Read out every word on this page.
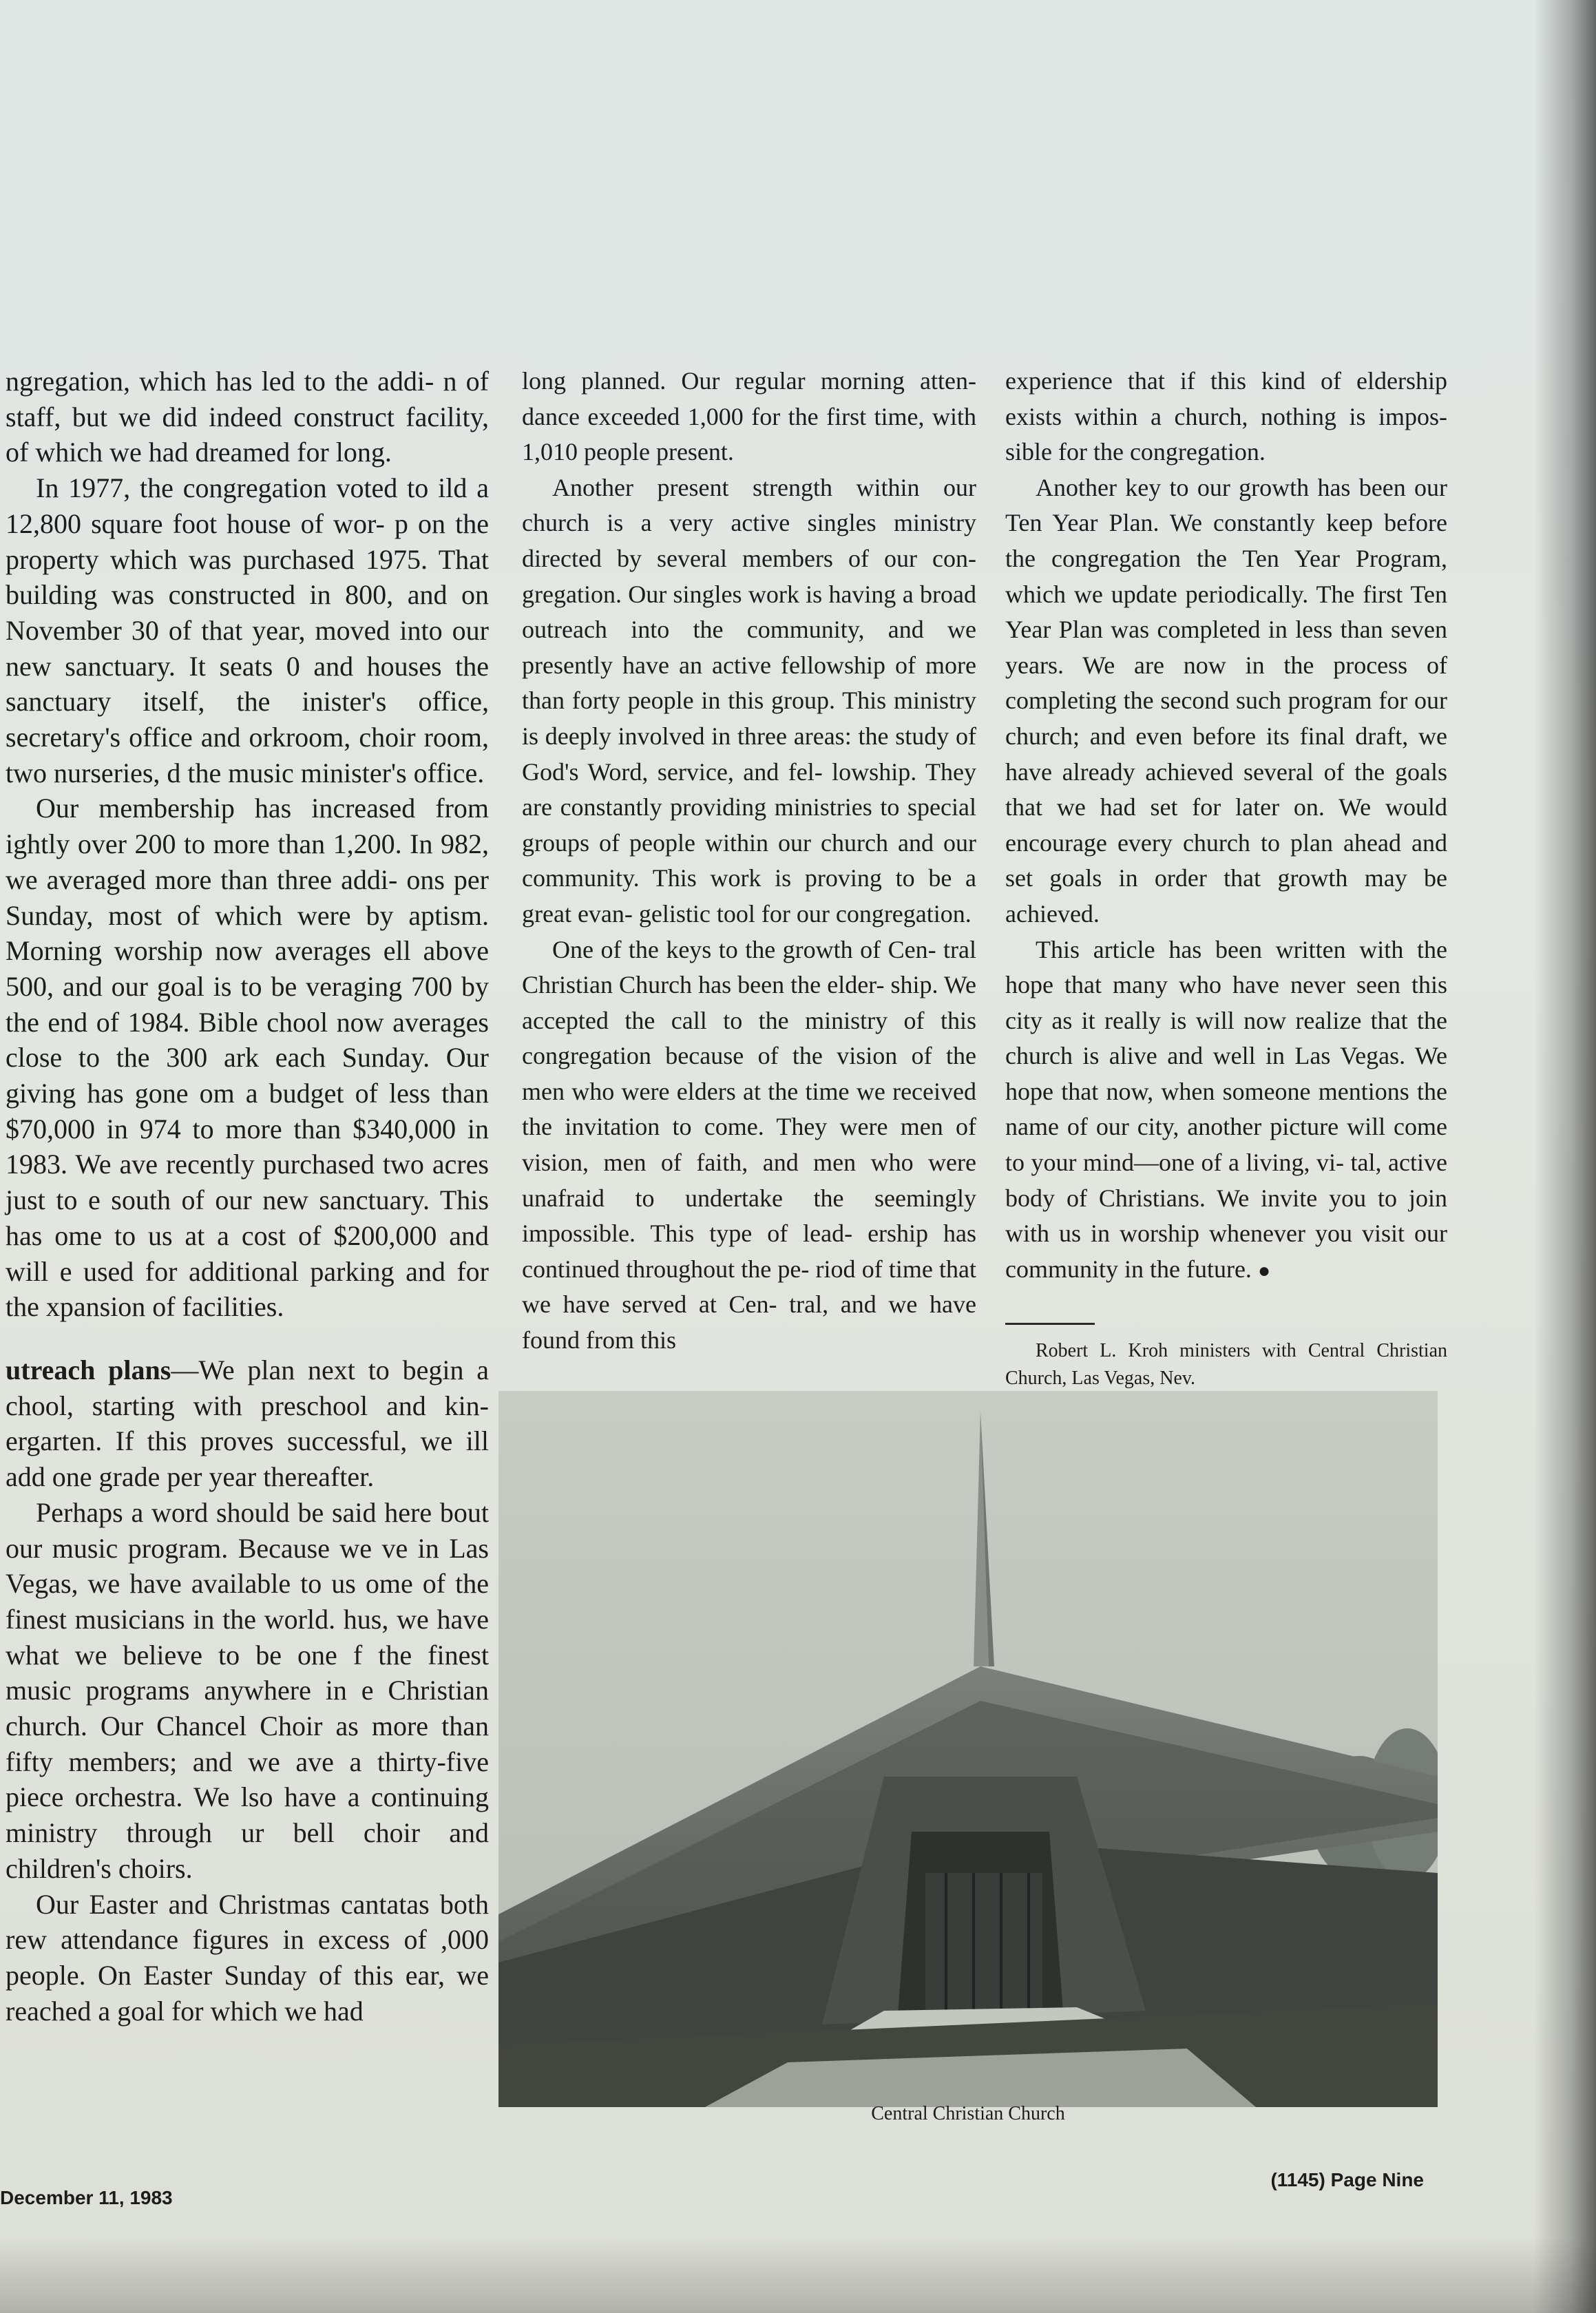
ngregation, which has led to the addi- n of staff, but we did indeed construct facility, of which we had dreamed for long.

In 1977, the congregation voted to ild a 12,800 square foot house of wor- p on the property which was purchased 1975. That building was constructed in 800, and on November 30 of that year, moved into our new sanctuary. It seats 0 and houses the sanctuary itself, the inister's office, secretary's office and orkroom, choir room, two nurseries, d the music minister's office.

Our membership has increased from ightly over 200 to more than 1,200. In 982, we averaged more than three addi- ons per Sunday, most of which were by aptism. Morning worship now averages ell above 500, and our goal is to be veraging 700 by the end of 1984. Bible chool now averages close to the 300 ark each Sunday. Our giving has gone om a budget of less than $70,000 in 974 to more than $340,000 in 1983. We ave recently purchased two acres just to e south of our new sanctuary. This has ome to us at a cost of $200,000 and will e used for additional parking and for the xpansion of facilities.

utreach plans—We plan next to begin a chool, starting with preschool and kin- ergarten. If this proves successful, we ill add one grade per year thereafter.

Perhaps a word should be said here bout our music program. Because we ve in Las Vegas, we have available to us ome of the finest musicians in the world. hus, we have what we believe to be one f the finest music programs anywhere in e Christian church. Our Chancel Choir as more than fifty members; and we ave a thirty-five piece orchestra. We lso have a continuing ministry through ur bell choir and children's choirs.

Our Easter and Christmas cantatas both rew attendance figures in excess of ,000 people. On Easter Sunday of this ear, we reached a goal for which we had

long planned. Our regular morning atten- dance exceeded 1,000 for the first time, with 1,010 people present.

Another present strength within our church is a very active singles ministry directed by several members of our con- gregation. Our singles work is having a broad outreach into the community, and we presently have an active fellowship of more than forty people in this group. This ministry is deeply involved in three areas: the study of God's Word, service, and fel- lowship. They are constantly providing ministries to special groups of people within our church and our community. This work is proving to be a great evan- gelistic tool for our congregation.

One of the keys to the growth of Cen- tral Christian Church has been the elder- ship. We accepted the call to the ministry of this congregation because of the vision of the men who were elders at the time we received the invitation to come. They were men of vision, men of faith, and men who were unafraid to undertake the seemingly impossible. This type of lead- ership has continued throughout the pe- riod of time that we have served at Cen- tral, and we have found from this

experience that if this kind of eldership exists within a church, nothing is impos- sible for the congregation.

Another key to our growth has been our Ten Year Plan. We constantly keep before the congregation the Ten Year Program, which we update periodically. The first Ten Year Plan was completed in less than seven years. We are now in the process of completing the second such program for our church; and even before its final draft, we have already achieved several of the goals that we had set for later on. We would encourage every church to plan ahead and set goals in order that growth may be achieved.

This article has been written with the hope that many who have never seen this city as it really is will now realize that the church is alive and well in Las Vegas. We hope that now, when someone mentions the name of our city, another picture will come to your mind—one of a living, vi- tal, active body of Christians. We invite you to join with us in worship whenever you visit our community in the future. ●

Robert L. Kroh ministers with Central Christian Church, Las Vegas, Nev.

Central Christian Church
December 11, 1983
(1145) Page Nine
